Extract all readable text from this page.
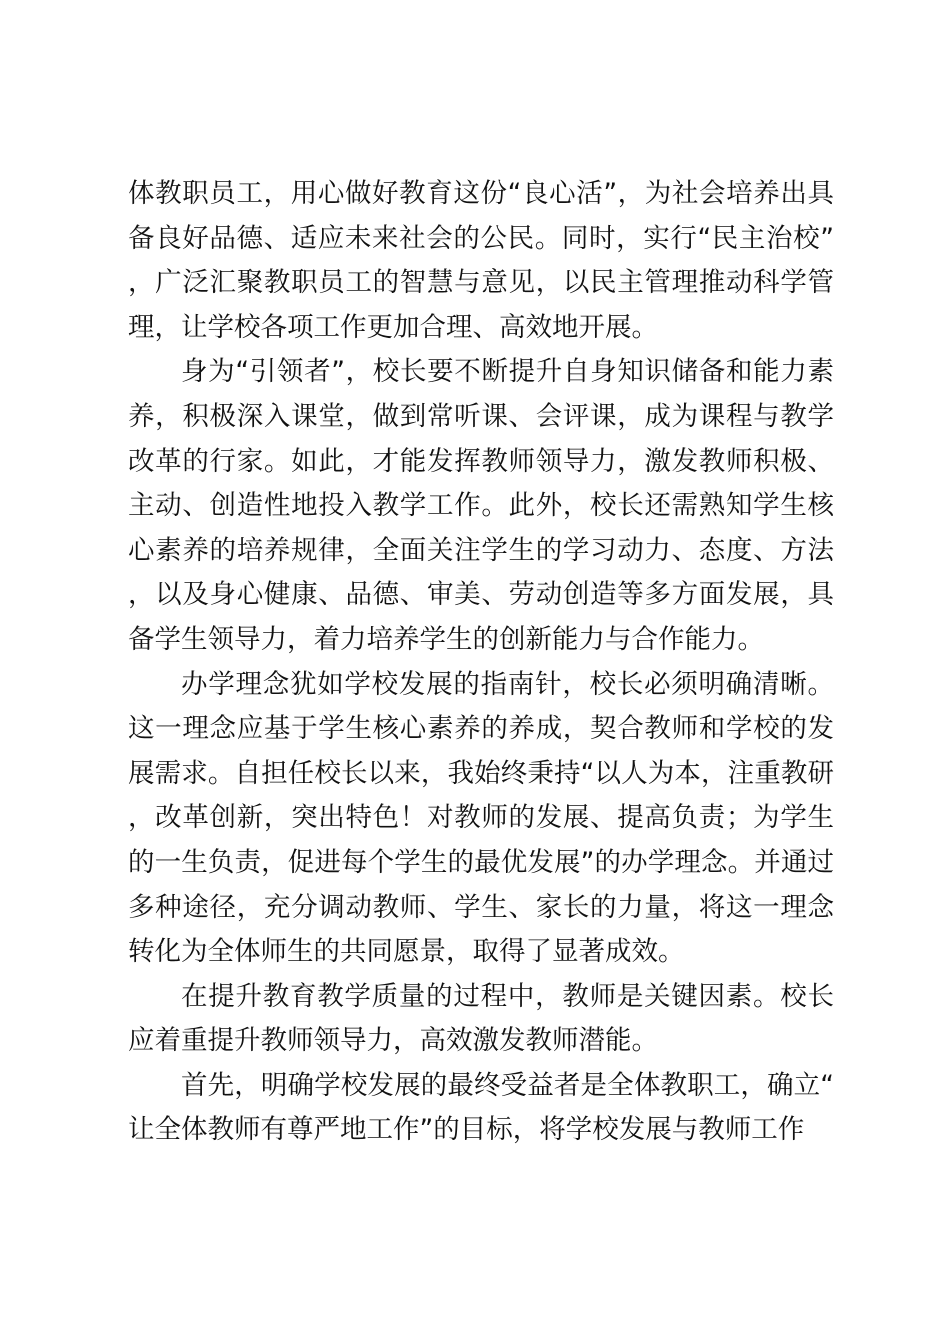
体教职员工，用心做好教育这份“良心活”，为社会培养出具备良好品德、适应未来社会的公民。同时，实行“民主治校”，广泛汇聚教职员工的智慧与意见，以民主管理推动科学管理，让学校各项工作更加合理、高效地开展。

身为“引领者”，校长要不断提升自身知识储备和能力素养，积极深入课堂，做到常听课、会评课，成为课程与教学改革的行家。如此，才能发挥教师领导力，激发教师积极、主动、创造性地投入教学工作。此外，校长还需熟知学生核心素养的培养规律，全面关注学生的学习动力、态度、方法，以及身心健康、品德、审美、劳动创造等多方面发展，具备学生领导力，着力培养学生的创新能力与合作能力。

办学理念犹如学校发展的指南针，校长必须明确清晰。这一理念应基于学生核心素养的养成，契合教师和学校的发展需求。自担任校长以来，我始终秉持“以人为本，注重教研，改革创新，突出特色！对教师的发展、提高负责；为学生的一生负责，促进每个学生的最优发展”的办学理念。并通过多种途径，充分调动教师、学生、家长的力量，将这一理念转化为全体师生的共同愿景，取得了显著成效。

在提升教育教学质量的过程中，教师是关键因素。校长应着重提升教师领导力，高效激发教师潜能。

首先，明确学校发展的最终受益者是全体教职工，确立“让全体教师有尊严地工作”的目标，将学校发展与教师工作
